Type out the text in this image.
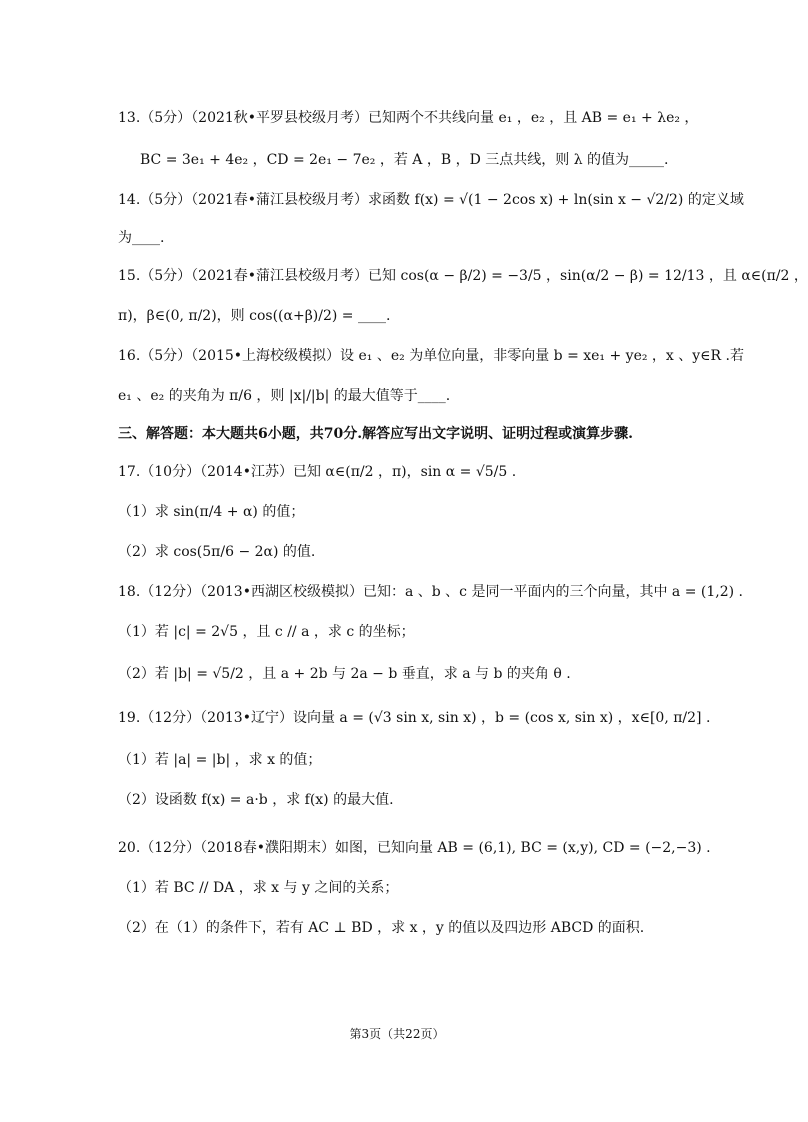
13.（5分）（2021秋•平罗县校级月考）已知两个不共线向量 e₁ ，e₂ ，且 AB = e₁ + λe₂ ，
BC = 3e₁ + 4e₂ ，CD = 2e₁ − 7e₂ ，若 A ，B ，D 三点共线，则 λ 的值为_____.
14.（5分）（2021春•蒲江县校级月考）求函数 f(x) = √(1 − 2cos x) + ln(sin x − √2/2) 的定义域
为____.
15.（5分）（2021春•蒲江县校级月考）已知 cos(α − β/2) = −3/5 ，sin(α/2 − β) = 12/13 ，且 α∈(π/2 ，
π)，β∈(0, π/2)，则 cos((α+β)/2) = ____.
16.（5分）（2015•上海校级模拟）设 e₁ 、e₂ 为单位向量，非零向量 b = xe₁ + ye₂ ，x 、y∈R .若
e₁ 、e₂ 的夹角为 π/6 ，则 |x|/|b| 的最大值等于____.
三、解答题：本大题共6小题，共70分.解答应写出文字说明、证明过程或演算步骤.
17.（10分）（2014•江苏）已知 α∈(π/2 ，π)，sin α = √5/5 .
（1）求 sin(π/4 + α) 的值；
（2）求 cos(5π/6 − 2α) 的值.
18.（12分）（2013•西湖区校级模拟）已知：a 、b 、c 是同一平面内的三个向量，其中 a = (1,2) .
（1）若 |c| = 2√5 ，且 c // a ，求 c 的坐标；
（2）若 |b| = √5/2 ，且 a + 2b 与 2a − b 垂直，求 a 与 b 的夹角 θ .
19.（12分）（2013•辽宁）设向量 a = (√3 sin x, sin x) ，b = (cos x, sin x) ，x∈[0, π/2] .
（1）若 |a| = |b| ，求 x 的值；
（2）设函数 f(x) = a·b ，求 f(x) 的最大值.
20.（12分）（2018春•濮阳期末）如图，已知向量 AB = (6,1), BC = (x,y), CD = (−2,−3) .
（1）若 BC // DA ，求 x 与 y 之间的关系；
（2）在（1）的条件下，若有 AC ⊥ BD ，求 x ，y 的值以及四边形 ABCD 的面积.
第3页（共22页）
